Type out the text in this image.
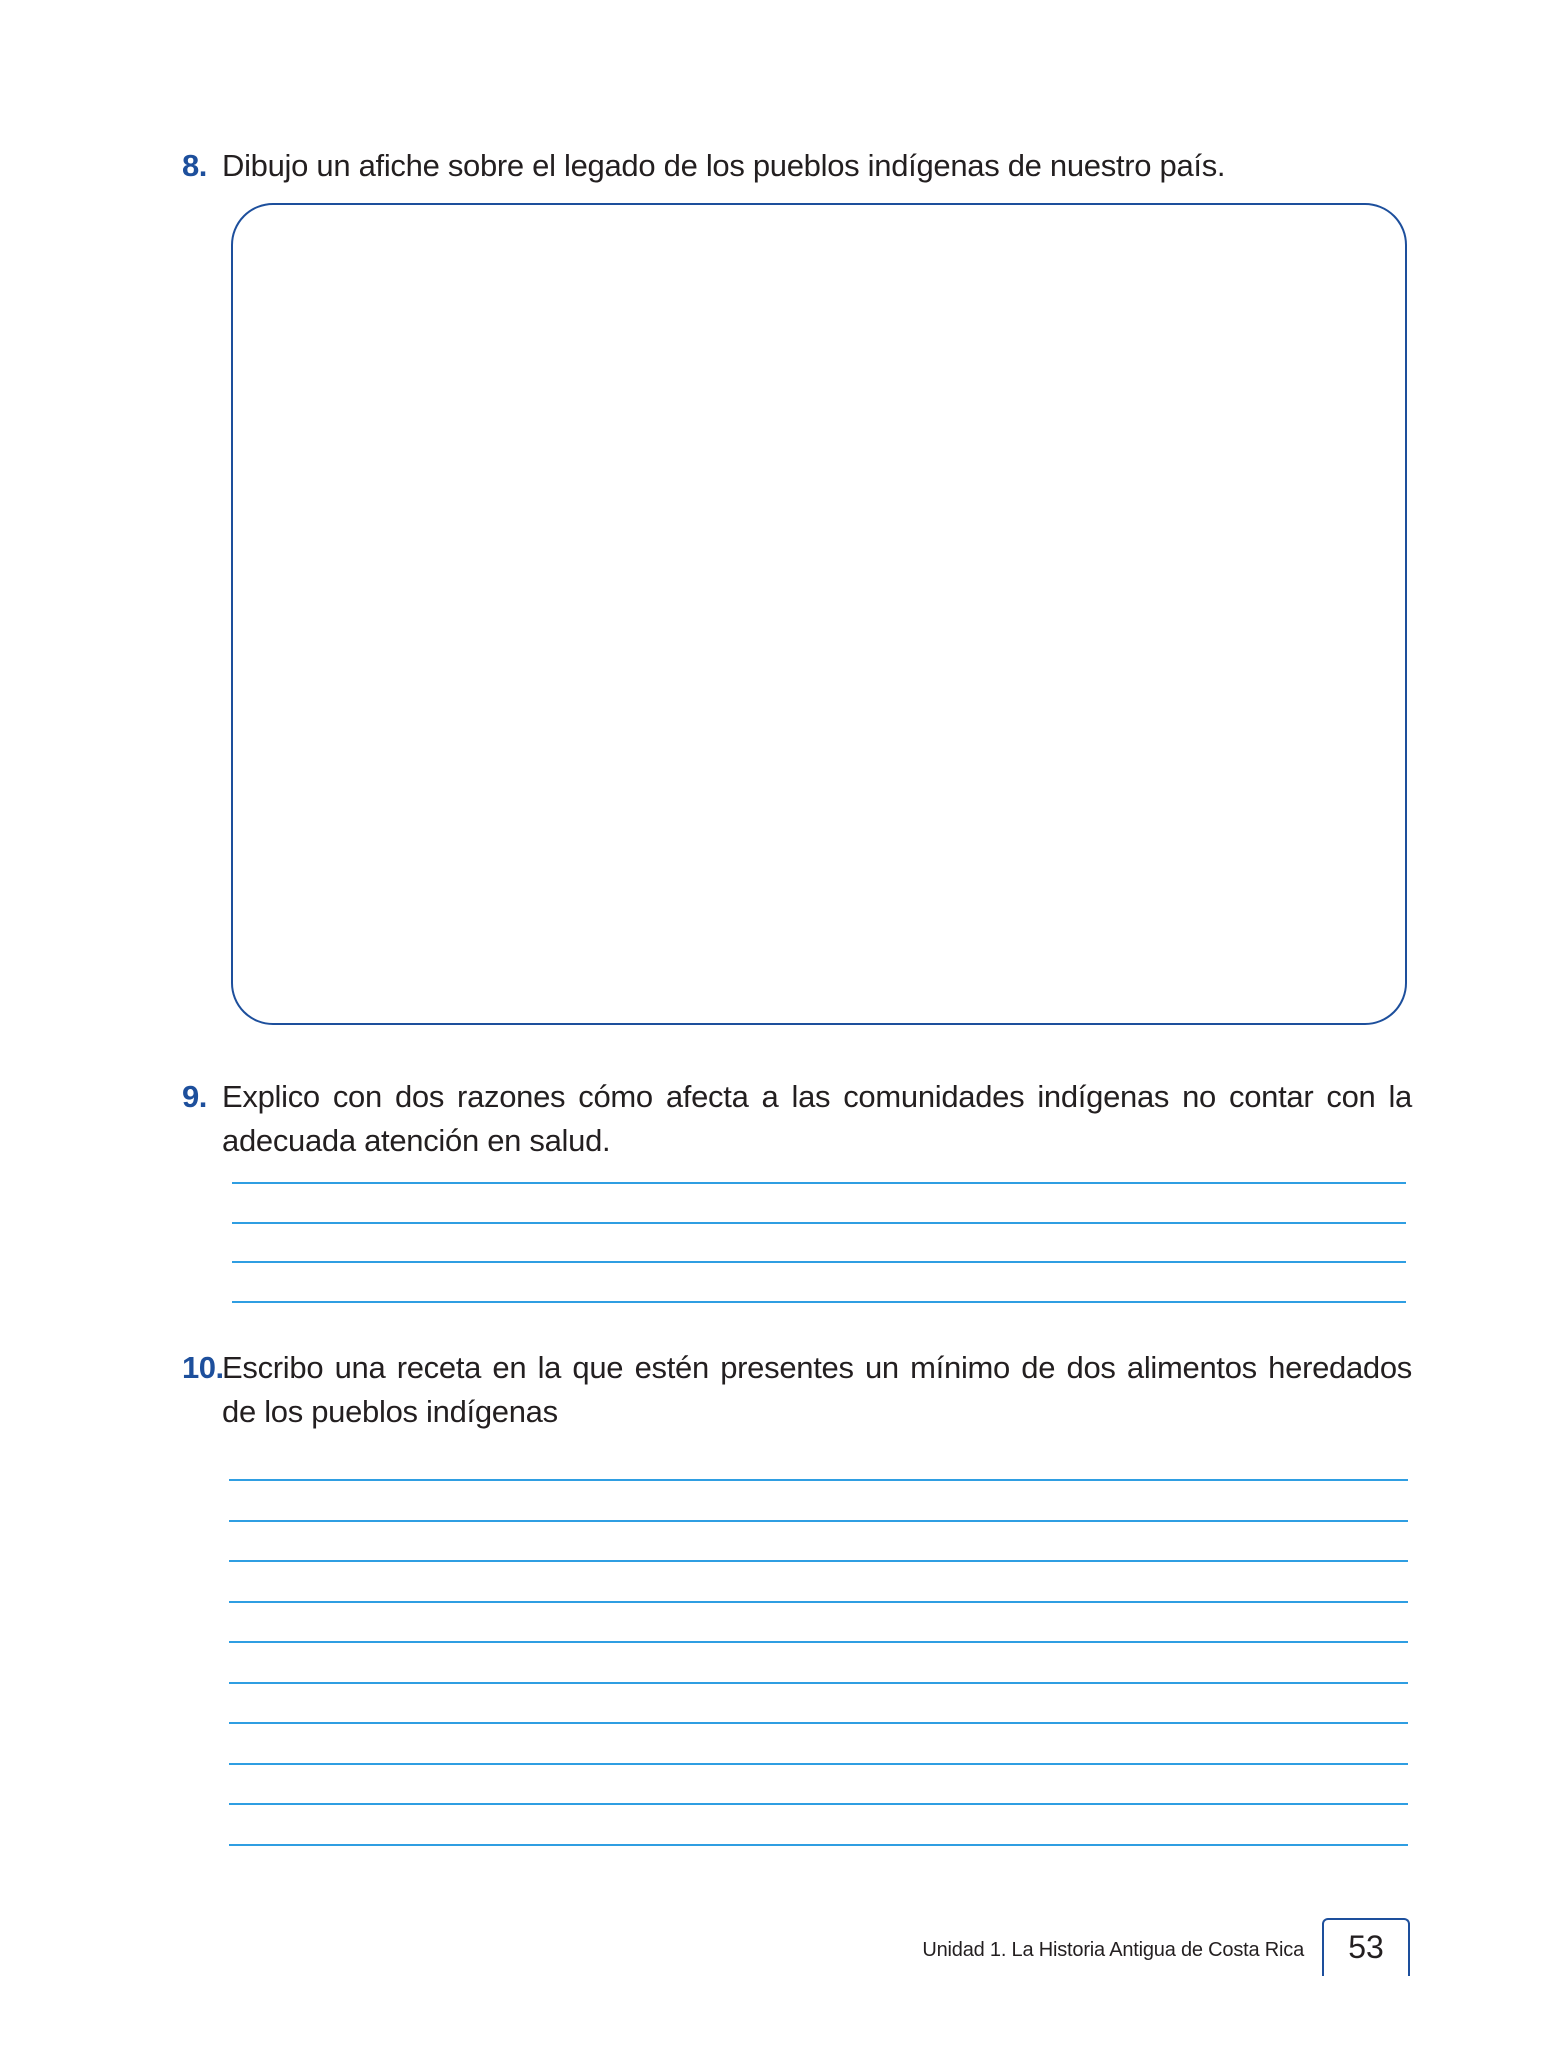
8. Dibujo un afiche sobre el legado de los pueblos indígenas de nuestro país.
9. Explico con dos razones cómo afecta a las comunidades indígenas no contar con la adecuada atención en salud.
10.
Escribo una receta en la que estén presentes un mínimo de dos alimentos heredados de los pueblos indígenas
Unidad 1. La Historia Antigua de Costa Rica	53
